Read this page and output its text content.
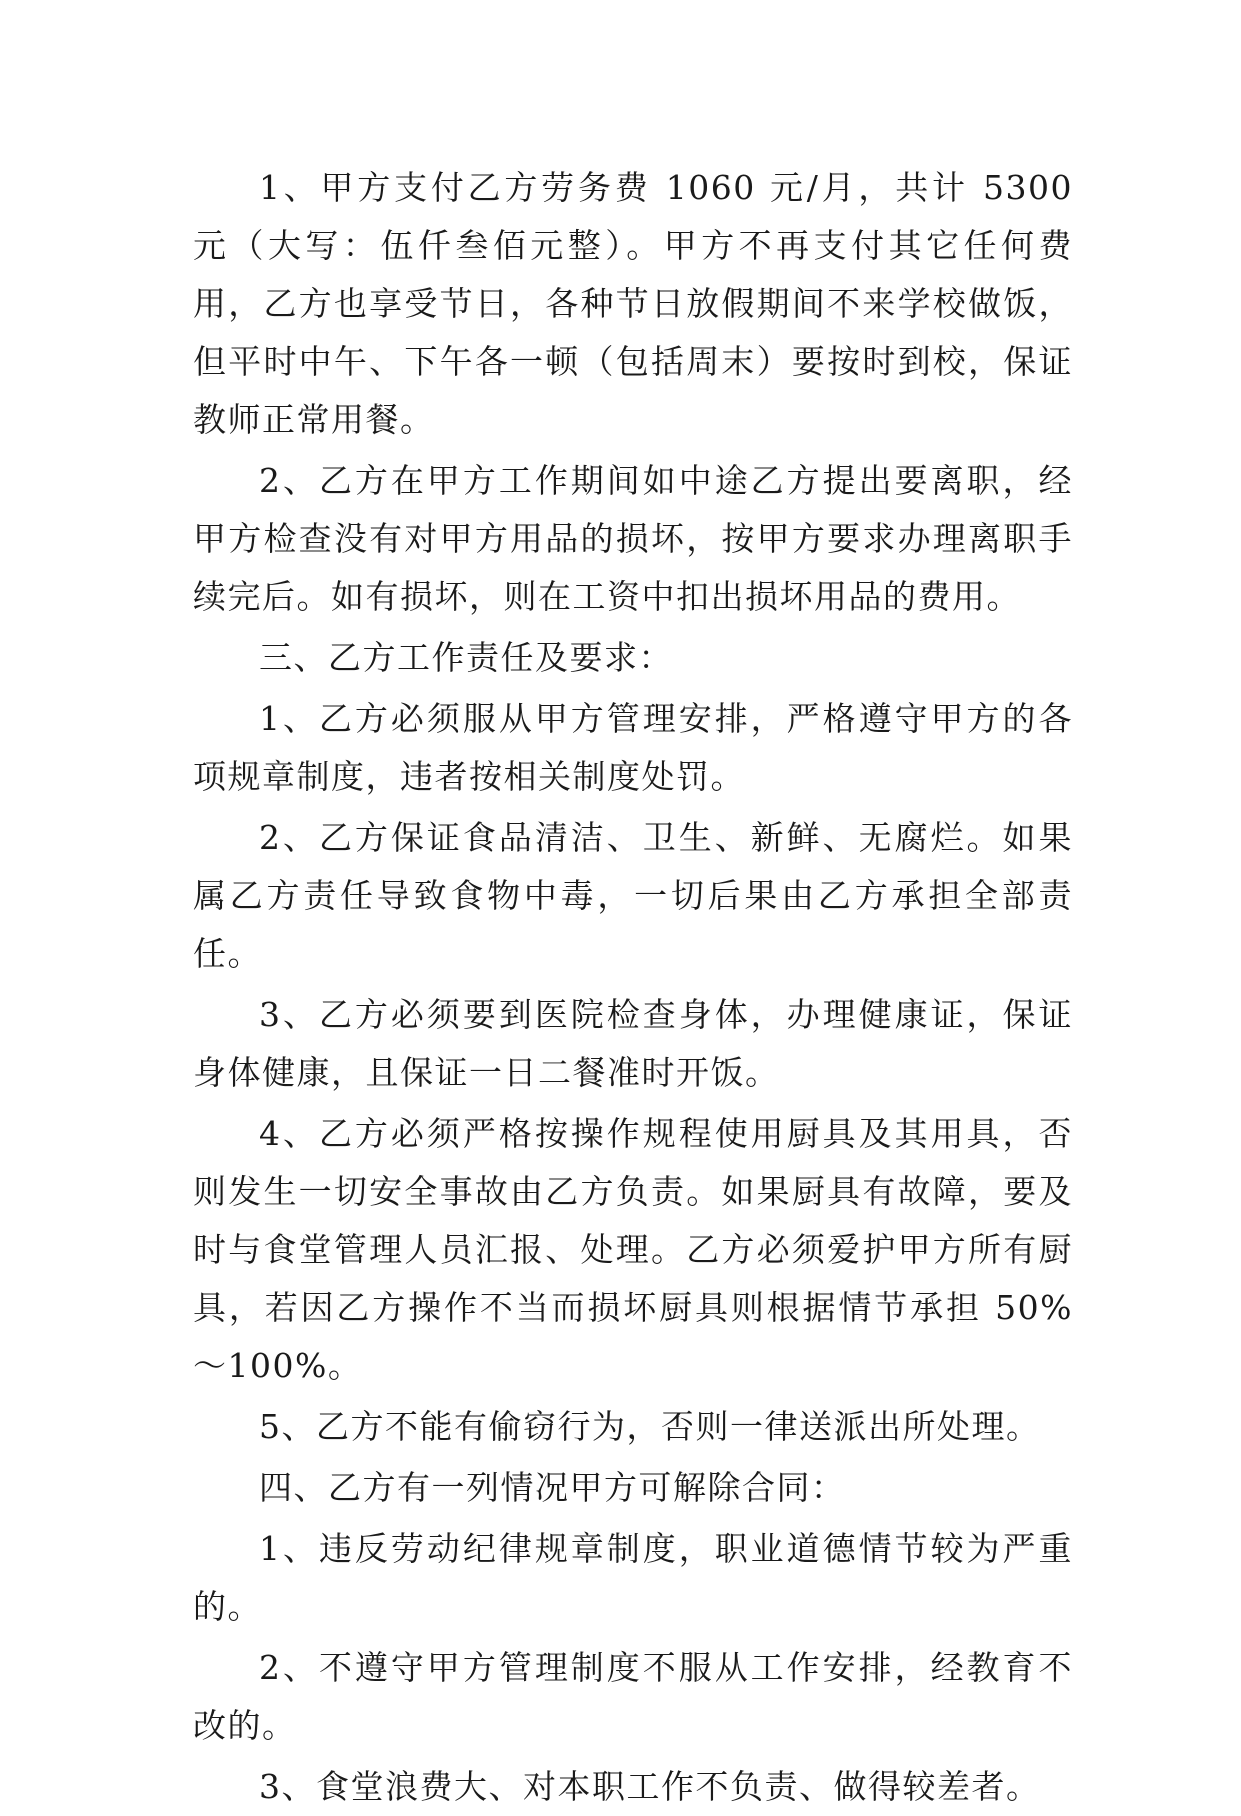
1、甲方支付乙方劳务费 1060 元/月，共计 5300 元（大写：伍仟叁佰元整）。甲方不再支付其它任何费用，乙方也享受节日，各种节日放假期间不来学校做饭，但平时中午、下午各一顿（包括周末）要按时到校，保证教师正常用餐。

2、乙方在甲方工作期间如中途乙方提出要离职，经甲方检查没有对甲方用品的损坏，按甲方要求办理离职手续完后。如有损坏，则在工资中扣出损坏用品的费用。

三、乙方工作责任及要求：

1、乙方必须服从甲方管理安排，严格遵守甲方的各项规章制度，违者按相关制度处罚。

2、乙方保证食品清洁、卫生、新鲜、无腐烂。如果属乙方责任导致食物中毒，一切后果由乙方承担全部责任。

3、乙方必须要到医院检查身体，办理健康证，保证身体健康，且保证一日二餐准时开饭。

4、乙方必须严格按操作规程使用厨具及其用具，否则发生一切安全事故由乙方负责。如果厨具有故障，要及时与食堂管理人员汇报、处理。乙方必须爱护甲方所有厨具，若因乙方操作不当而损坏厨具则根据情节承担 50%～100%。

5、乙方不能有偷窃行为，否则一律送派出所处理。

四、乙方有一列情况甲方可解除合同：

1、违反劳动纪律规章制度，职业道德情节较为严重的。

2、不遵守甲方管理制度不服从工作安排，经教育不改的。

3、食堂浪费大、对本职工作不负责、做得较差者。
